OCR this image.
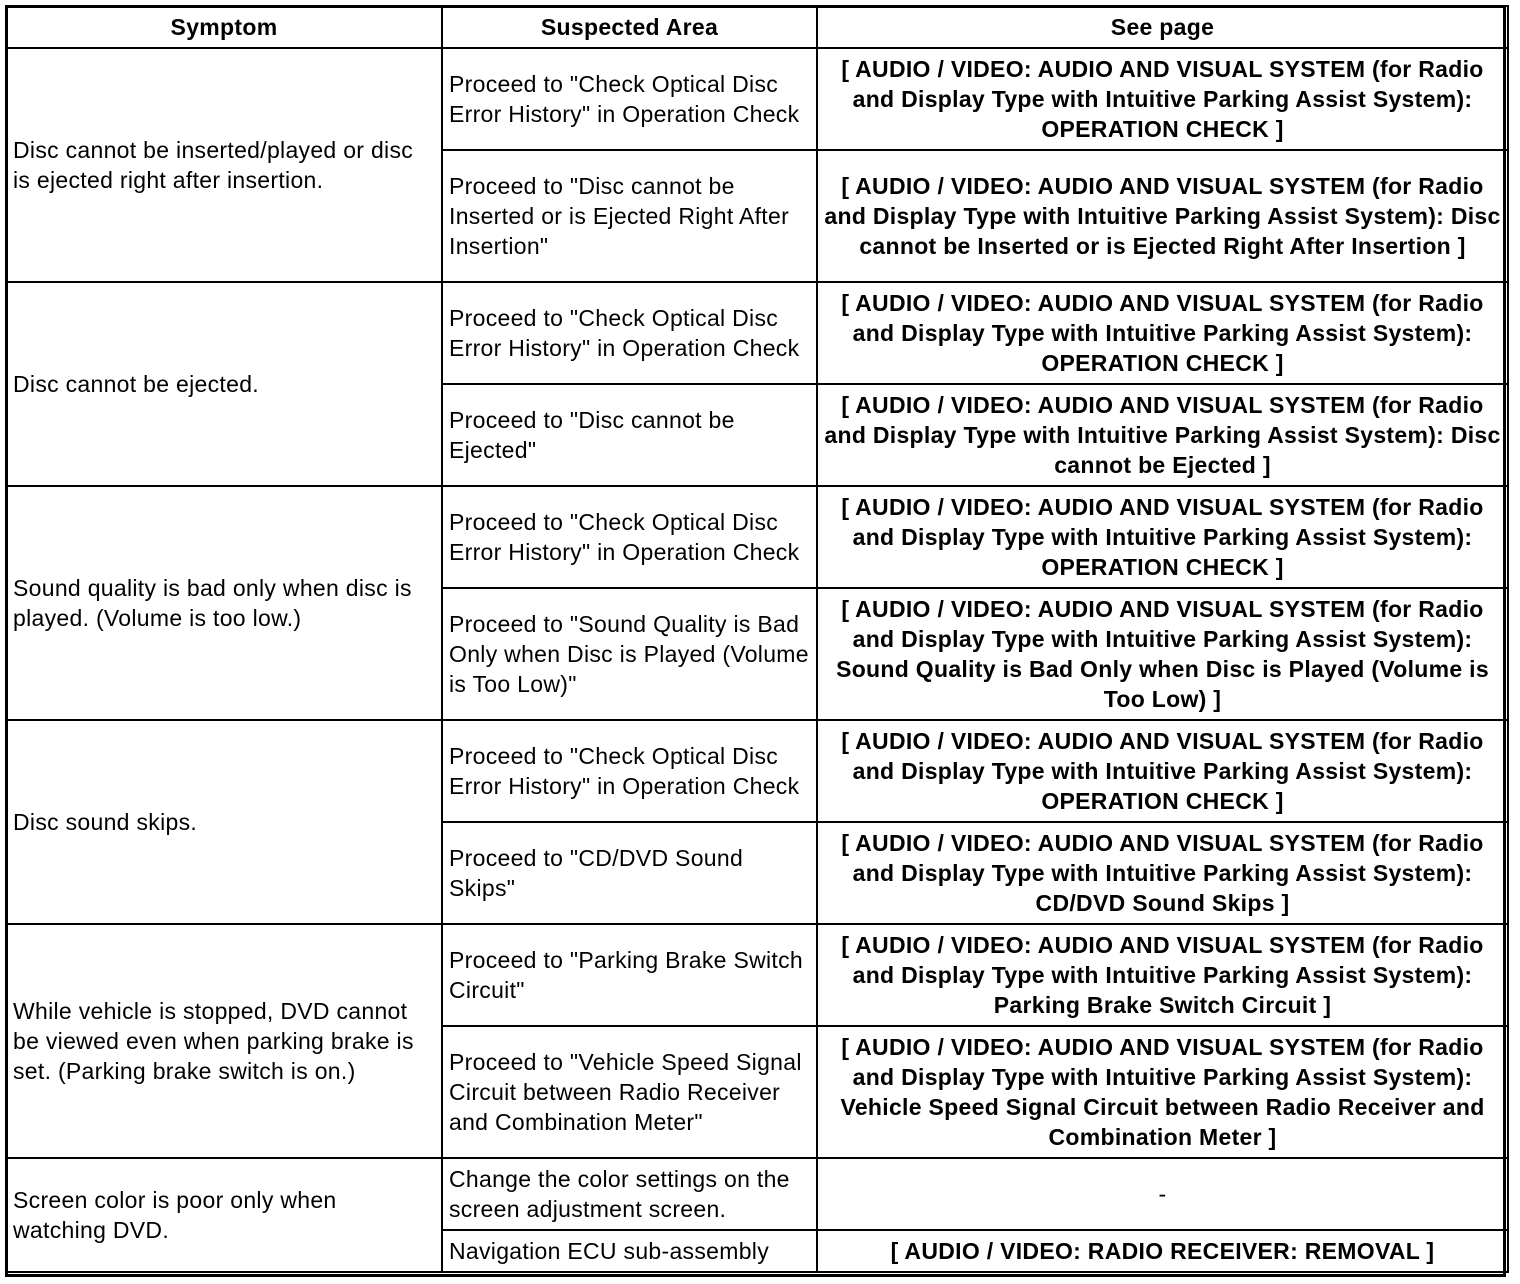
Symptom	Suspected Area	See page
Disc cannot be inserted/played or disc is ejected right after insertion.	Proceed to "Check Optical Disc Error History" in Operation Check	[ AUDIO / VIDEO: AUDIO AND VISUAL SYSTEM (for Radio and Display Type with Intuitive Parking Assist System): OPERATION CHECK ]
	Proceed to "Disc cannot be Inserted or is Ejected Right After Insertion"	[ AUDIO / VIDEO: AUDIO AND VISUAL SYSTEM (for Radio and Display Type with Intuitive Parking Assist System): Disc cannot be Inserted or is Ejected Right After Insertion ]
Disc cannot be ejected.	Proceed to "Check Optical Disc Error History" in Operation Check	[ AUDIO / VIDEO: AUDIO AND VISUAL SYSTEM (for Radio and Display Type with Intuitive Parking Assist System): OPERATION CHECK ]
	Proceed to "Disc cannot be Ejected"	[ AUDIO / VIDEO: AUDIO AND VISUAL SYSTEM (for Radio and Display Type with Intuitive Parking Assist System): Disc cannot be Ejected ]
Sound quality is bad only when disc is played. (Volume is too low.)	Proceed to "Check Optical Disc Error History" in Operation Check	[ AUDIO / VIDEO: AUDIO AND VISUAL SYSTEM (for Radio and Display Type with Intuitive Parking Assist System): OPERATION CHECK ]
	Proceed to "Sound Quality is Bad Only when Disc is Played (Volume is Too Low)"	[ AUDIO / VIDEO: AUDIO AND VISUAL SYSTEM (for Radio and Display Type with Intuitive Parking Assist System): Sound Quality is Bad Only when Disc is Played (Volume is Too Low) ]
Disc sound skips.	Proceed to "Check Optical Disc Error History" in Operation Check	[ AUDIO / VIDEO: AUDIO AND VISUAL SYSTEM (for Radio and Display Type with Intuitive Parking Assist System): OPERATION CHECK ]
	Proceed to "CD/DVD Sound Skips"	[ AUDIO / VIDEO: AUDIO AND VISUAL SYSTEM (for Radio and Display Type with Intuitive Parking Assist System): CD/DVD Sound Skips ]
While vehicle is stopped, DVD cannot be viewed even when parking brake is set. (Parking brake switch is on.)	Proceed to "Parking Brake Switch Circuit"	[ AUDIO / VIDEO: AUDIO AND VISUAL SYSTEM (for Radio and Display Type with Intuitive Parking Assist System): Parking Brake Switch Circuit ]
	Proceed to "Vehicle Speed Signal Circuit between Radio Receiver and Combination Meter"	[ AUDIO / VIDEO: AUDIO AND VISUAL SYSTEM (for Radio and Display Type with Intuitive Parking Assist System): Vehicle Speed Signal Circuit between Radio Receiver and Combination Meter ]
Screen color is poor only when watching DVD.	Change the color settings on the screen adjustment screen.	-
	Navigation ECU sub-assembly	[ AUDIO / VIDEO: RADIO RECEIVER: REMOVAL ]
